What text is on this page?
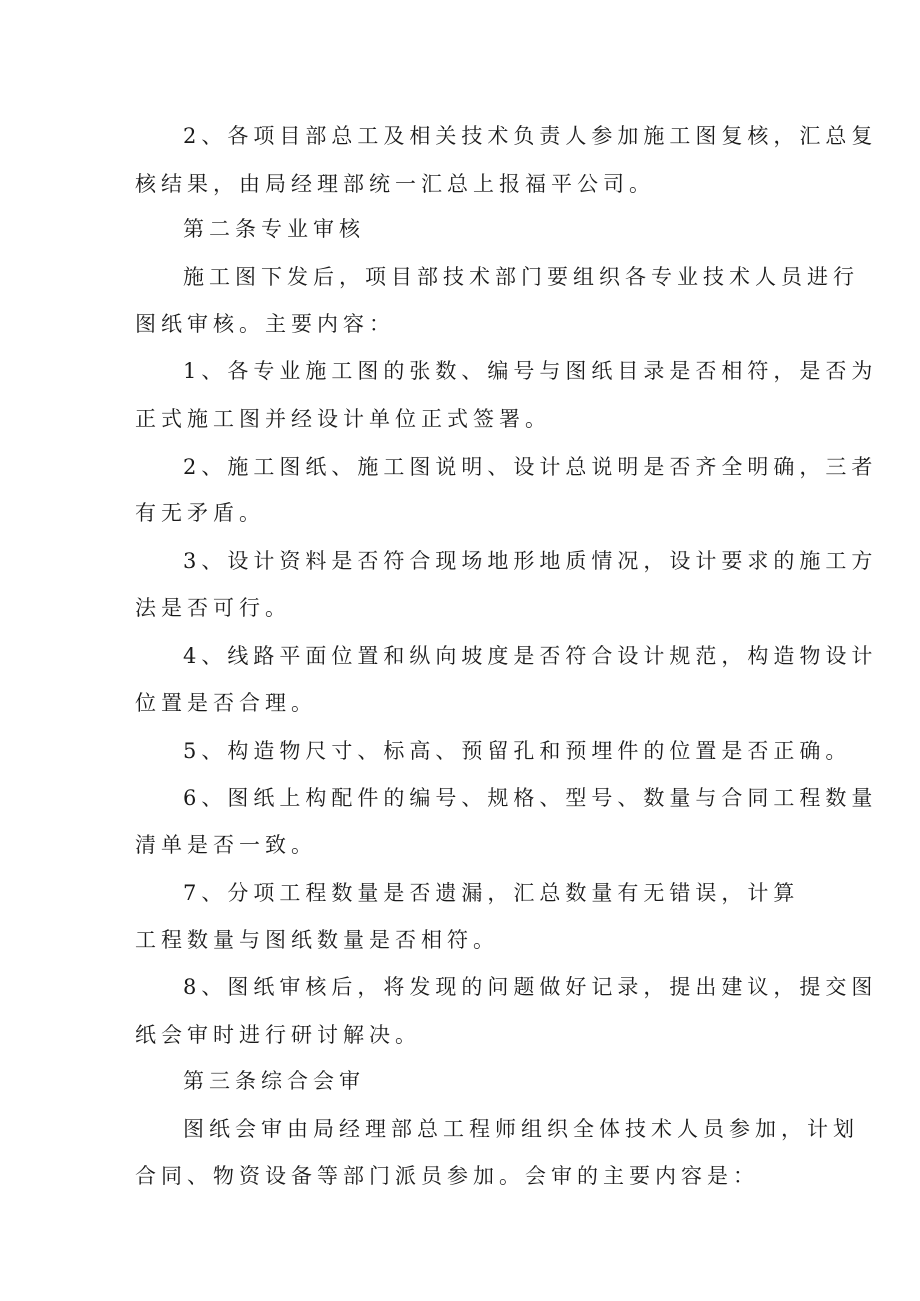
2、各项目部总工及相关技术负责人参加施工图复核，汇总复
核结果，由局经理部统一汇总上报福平公司。
第二条专业审核
施工图下发后，项目部技术部门要组织各专业技术人员进行
图纸审核。主要内容：
1、各专业施工图的张数、编号与图纸目录是否相符，是否为
正式施工图并经设计单位正式签署。
2、施工图纸、施工图说明、设计总说明是否齐全明确，三者
有无矛盾。
3、设计资料是否符合现场地形地质情况，设计要求的施工方
法是否可行。
4、线路平面位置和纵向坡度是否符合设计规范，构造物设计
位置是否合理。
5、构造物尺寸、标高、预留孔和预埋件的位置是否正确。
6、图纸上构配件的编号、规格、型号、数量与合同工程数量
清单是否一致。
7、分项工程数量是否遗漏，汇总数量有无错误，计算
工程数量与图纸数量是否相符。
8、图纸审核后，将发现的问题做好记录，提出建议，提交图
纸会审时进行研讨解决。
第三条综合会审
图纸会审由局经理部总工程师组织全体技术人员参加，计划
合同、物资设备等部门派员参加。会审的主要内容是：
